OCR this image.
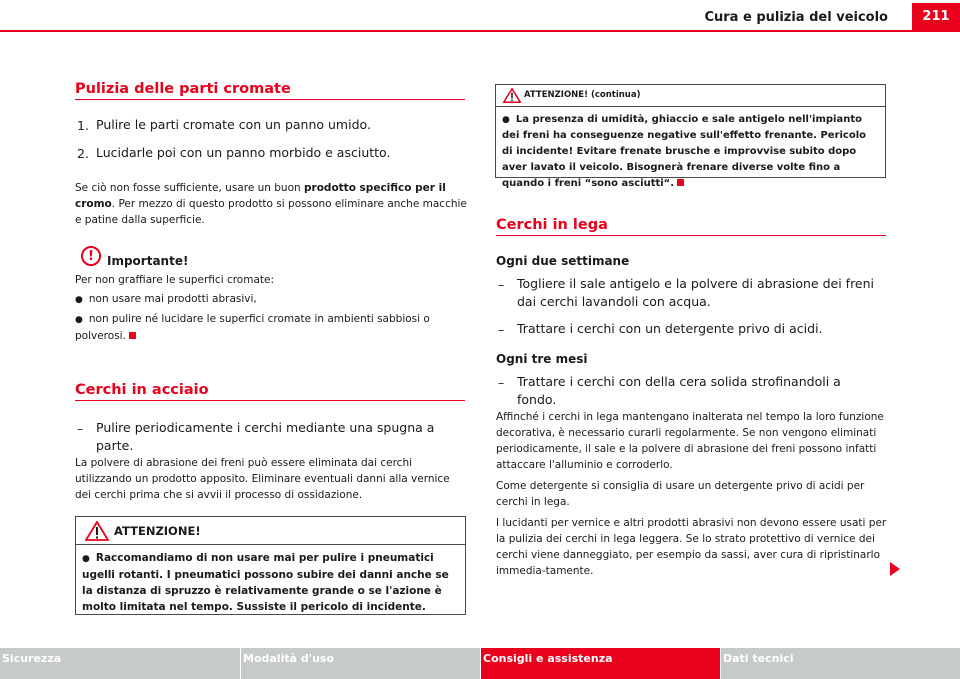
Cura e pulizia del veicolo	211
Pulizia delle parti cromate
1. Pulire le parti cromate con un panno umido.
2. Lucidarle poi con un panno morbido e asciutto.
Se ciò non fosse sufficiente, usare un buon prodotto specifico per il cromo. Per mezzo di questo prodotto si possono eliminare anche macchie e patine dalla superficie.
!	Importante!
Per non graffiare le superfici cromate:
● non usare mai prodotti abrasivi,
● non pulire né lucidare le superfici cromate in ambienti sabbiosi o polverosi.
Cerchi in acciaio
– Pulire periodicamente i cerchi mediante una spugna a parte.
La polvere di abrasione dei freni può essere eliminata dai cerchi utilizzando un prodotto apposito. Eliminare eventuali danni alla vernice dei cerchi prima che si avvii il processo di ossidazione.
ATTENZIONE!
● Raccomandiamo di non usare mai per pulire i pneumatici ugelli rotanti. I pneumatici possono subire dei danni anche se la distanza di spruzzo è relativamente grande o se l'azione è molto limitata nel tempo. Sussiste il pericolo di incidente.
ATTENZIONE! (continua)
● La presenza di umidità, ghiaccio e sale antigelo nell'impianto dei freni ha conseguenze negative sull'effetto frenante. Pericolo di incidente! Evitare frenate brusche e improvvise subito dopo aver lavato il veicolo. Bisognerà frenare diverse volte fino a quando i freni “sono asciutti“.
Cerchi in lega
Ogni due settimane
– Togliere il sale antigelo e la polvere di abrasione dei freni dai cerchi lavandoli con acqua.
– Trattare i cerchi con un detergente privo di acidi.
Ogni tre mesi
– Trattare i cerchi con della cera solida strofinandoli a fondo.
Affinché i cerchi in lega mantengano inalterata nel tempo la loro funzione decorativa, è necessario curarli regolarmente. Se non vengono eliminati periodicamente, il sale e la polvere di abrasione dei freni possono infatti attaccare l'alluminio e corroderlo.
Come detergente si consiglia di usare un detergente privo di acidi per cerchi in lega.
I lucidanti per vernice e altri prodotti abrasivi non devono essere usati per la pulizia dei cerchi in lega leggera. Se lo strato protettivo di vernice dei cerchi viene danneggiato, per esempio da sassi, aver cura di ripristinarlo immedia-tamente.
Sicurezza	Modalità d'uso	Consigli e assistenza	Dati tecnici
